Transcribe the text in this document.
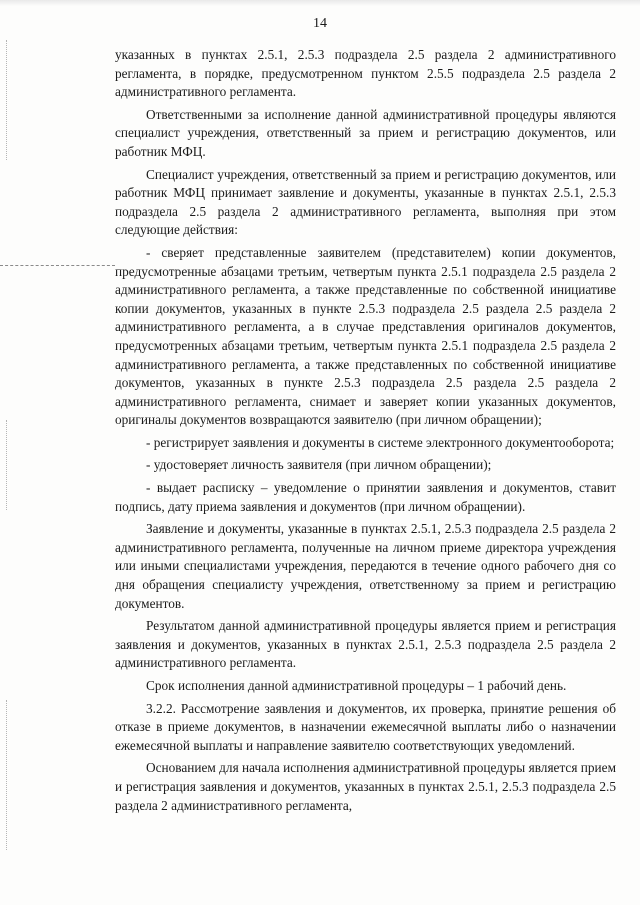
14

указанных в пунктах 2.5.1, 2.5.3 подраздела 2.5 раздела 2 административного регламента, в порядке, предусмотренном пунктом 2.5.5 подраздела 2.5 раздела 2 административного регламента.

Ответственными за исполнение данной административной процедуры являются специалист учреждения, ответственный за прием и регистрацию документов, или работник МФЦ.

Специалист учреждения, ответственный за прием и регистрацию документов, или работник МФЦ принимает заявление и документы, указанные в пунктах 2.5.1, 2.5.3 подраздела 2.5 раздела 2 административного регламента, выполняя при этом следующие действия:

- сверяет представленные заявителем (представителем) копии документов, предусмотренные абзацами третьим, четвертым пункта 2.5.1 подраздела 2.5 раздела 2 административного регламента, а также представленные по собственной инициативе копии документов, указанных в пункте 2.5.3 подраздела 2.5 раздела 2.5 раздела 2 административного регламента, а в случае представления оригиналов документов, предусмотренных абзацами третьим, четвертым пункта 2.5.1 подраздела 2.5 раздела 2 административного регламента, а также представленных по собственной инициативе документов, указанных в пункте 2.5.3 подраздела 2.5 раздела 2.5 раздела 2 административного регламента, снимает и заверяет копии указанных документов, оригиналы документов возвращаются заявителю (при личном обращении);

- регистрирует заявления и документы в системе электронного документооборота;

- удостоверяет личность заявителя (при личном обращении);

- выдает расписку – уведомление о принятии заявления и документов, ставит подпись, дату приема заявления и документов (при личном обращении).

Заявление и документы, указанные в пунктах 2.5.1, 2.5.3 подраздела 2.5 раздела 2 административного регламента, полученные на личном приеме директора учреждения или иными специалистами учреждения, передаются в течение одного рабочего дня со дня обращения специалисту учреждения, ответственному за прием и регистрацию документов.

Результатом данной административной процедуры является прием и регистрация заявления и документов, указанных в пунктах 2.5.1, 2.5.3 подраздела 2.5 раздела 2 административного регламента.

Срок исполнения данной административной процедуры – 1 рабочий день.

3.2.2. Рассмотрение заявления и документов, их проверка, принятие решения об отказе в приеме документов, в назначении ежемесячной выплаты либо о назначении ежемесячной выплаты и направление заявителю соответствующих уведомлений.

Основанием для начала исполнения административной процедуры является прием и регистрация заявления и документов, указанных в пунктах 2.5.1, 2.5.3 подраздела 2.5 раздела 2 административного регламента,
